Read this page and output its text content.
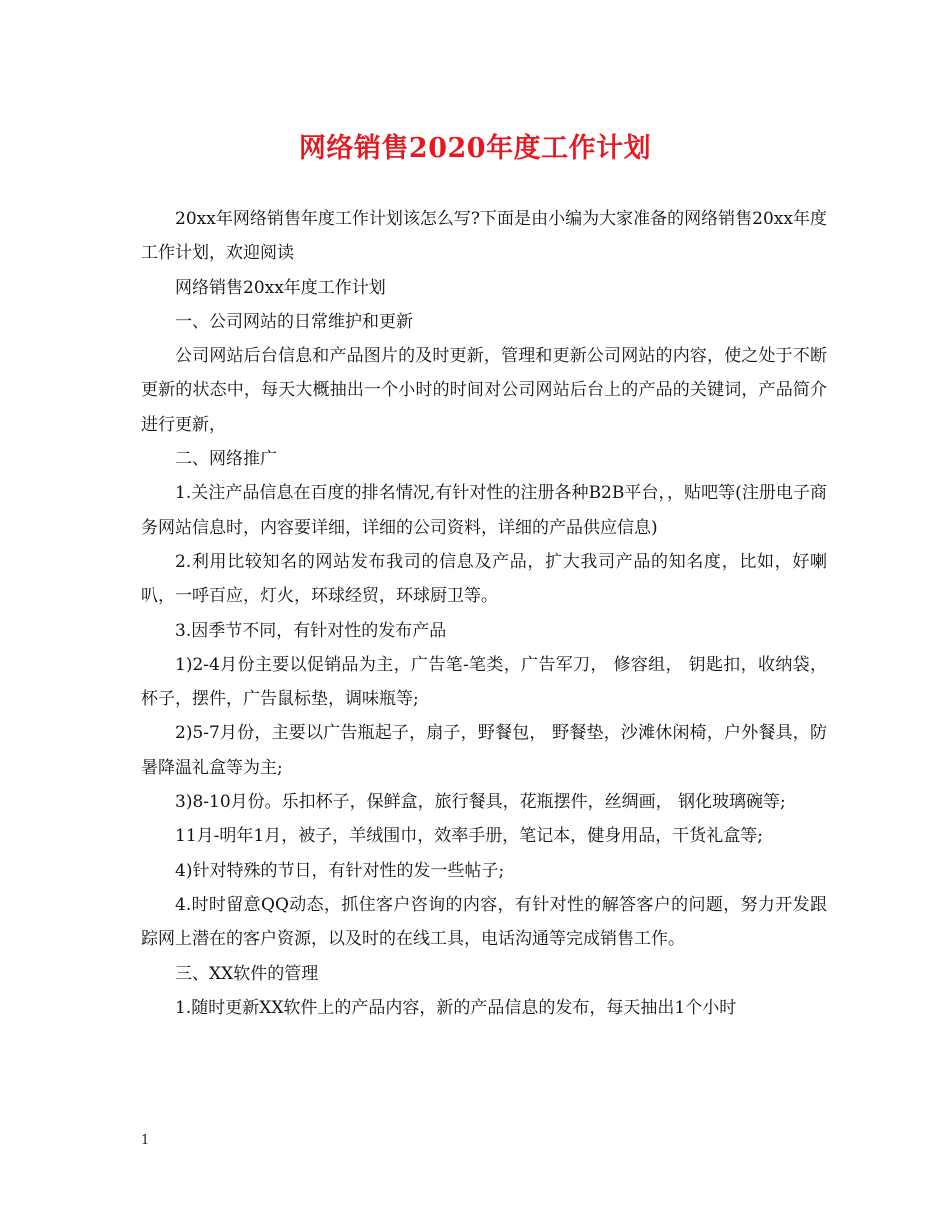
网络销售2020年度工作计划

20xx年网络销售年度工作计划该怎么写?下面是由小编为大家准备的网络销售20xx年度工作计划，欢迎阅读

网络销售20xx年度工作计划

一、公司网站的日常维护和更新

公司网站后台信息和产品图片的及时更新，管理和更新公司网站的内容，使之处于不断更新的状态中，每天大概抽出一个小时的时间对公司网站后台上的产品的关键词，产品简介进行更新，

二、网络推广

1.关注产品信息在百度的排名情况,有针对性的注册各种B2B平台，，贴吧等(注册电子商务网站信息时，内容要详细，详细的公司资料，详细的产品供应信息)

2.利用比较知名的网站发布我司的信息及产品，扩大我司产品的知名度，比如，好喇叭，一呼百应，灯火，环球经贸，环球厨卫等。

3.因季节不同，有针对性的发布产品

1)2-4月份主要以促销品为主，广告笔-笔类，广告军刀， 修容组， 钥匙扣，收纳袋， 杯子，摆件，广告鼠标垫，调味瓶等;

2)5-7月份，主要以广告瓶起子，扇子，野餐包， 野餐垫，沙滩休闲椅，户外餐具，防暑降温礼盒等为主;

3)8-10月份。乐扣杯子，保鲜盒，旅行餐具，花瓶摆件，丝绸画， 钢化玻璃碗等;

11月-明年1月，被子，羊绒围巾，效率手册，笔记本，健身用品，干货礼盒等;

4)针对特殊的节日，有针对性的发一些帖子;

4.时时留意QQ动态，抓住客户咨询的内容，有针对性的解答客户的问题，努力开发跟踪网上潜在的客户资源，以及时的在线工具，电话沟通等完成销售工作。

三、XX软件的管理

1.随时更新XX软件上的产品内容，新的产品信息的发布，每天抽出1个小时

1
